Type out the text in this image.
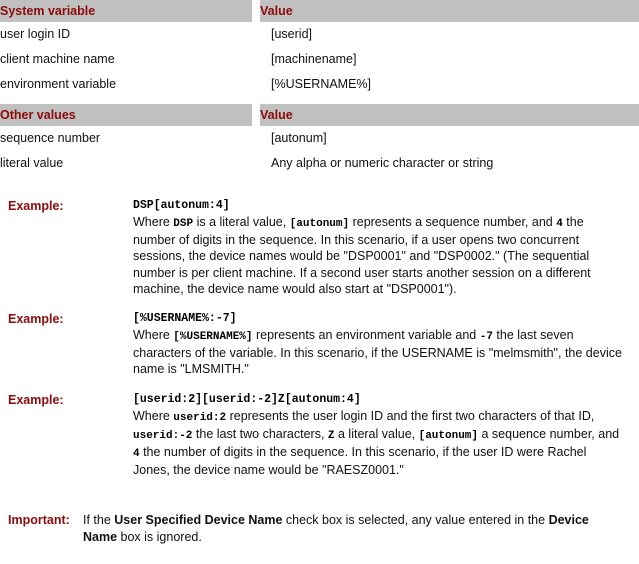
System variable		Value
user login ID		[userid]
client machine name		[machinename]
environment variable		[%USERNAME%]

Other values		Value
sequence number		[autonum]
literal value		Any alpha or numeric character or string
Example:	DSP[autonum:4]
Where DSP is a literal value, [autonum] represents a sequence number, and 4 the number of digits in the sequence. In this scenario, if a user opens two concurrent sessions, the device names would be "DSP0001" and "DSP0002." (The sequential number is per client machine. If a second user starts another session on a different machine, the device name would also start at "DSP0001").
Example:	[%USERNAME%:-7]
Where [%USERNAME%] represents an environment variable and -7 the last seven characters of the variable. In this scenario, if the USERNAME is "melmsmith", the device name is "LMSMITH."
Example:	[userid:2][userid:-2]Z[autonum:4]
Where userid:2 represents the user login ID and the first two characters of that ID, userid:-2 the last two characters, Z a literal value, [autonum] a sequence number, and 4 the number of digits in the sequence. In this scenario, if the user ID were Rachel Jones, the device name would be "RAESZ0001."
Important:	If the User Specified Device Name check box is selected, any value entered in the Device Name box is ignored.
